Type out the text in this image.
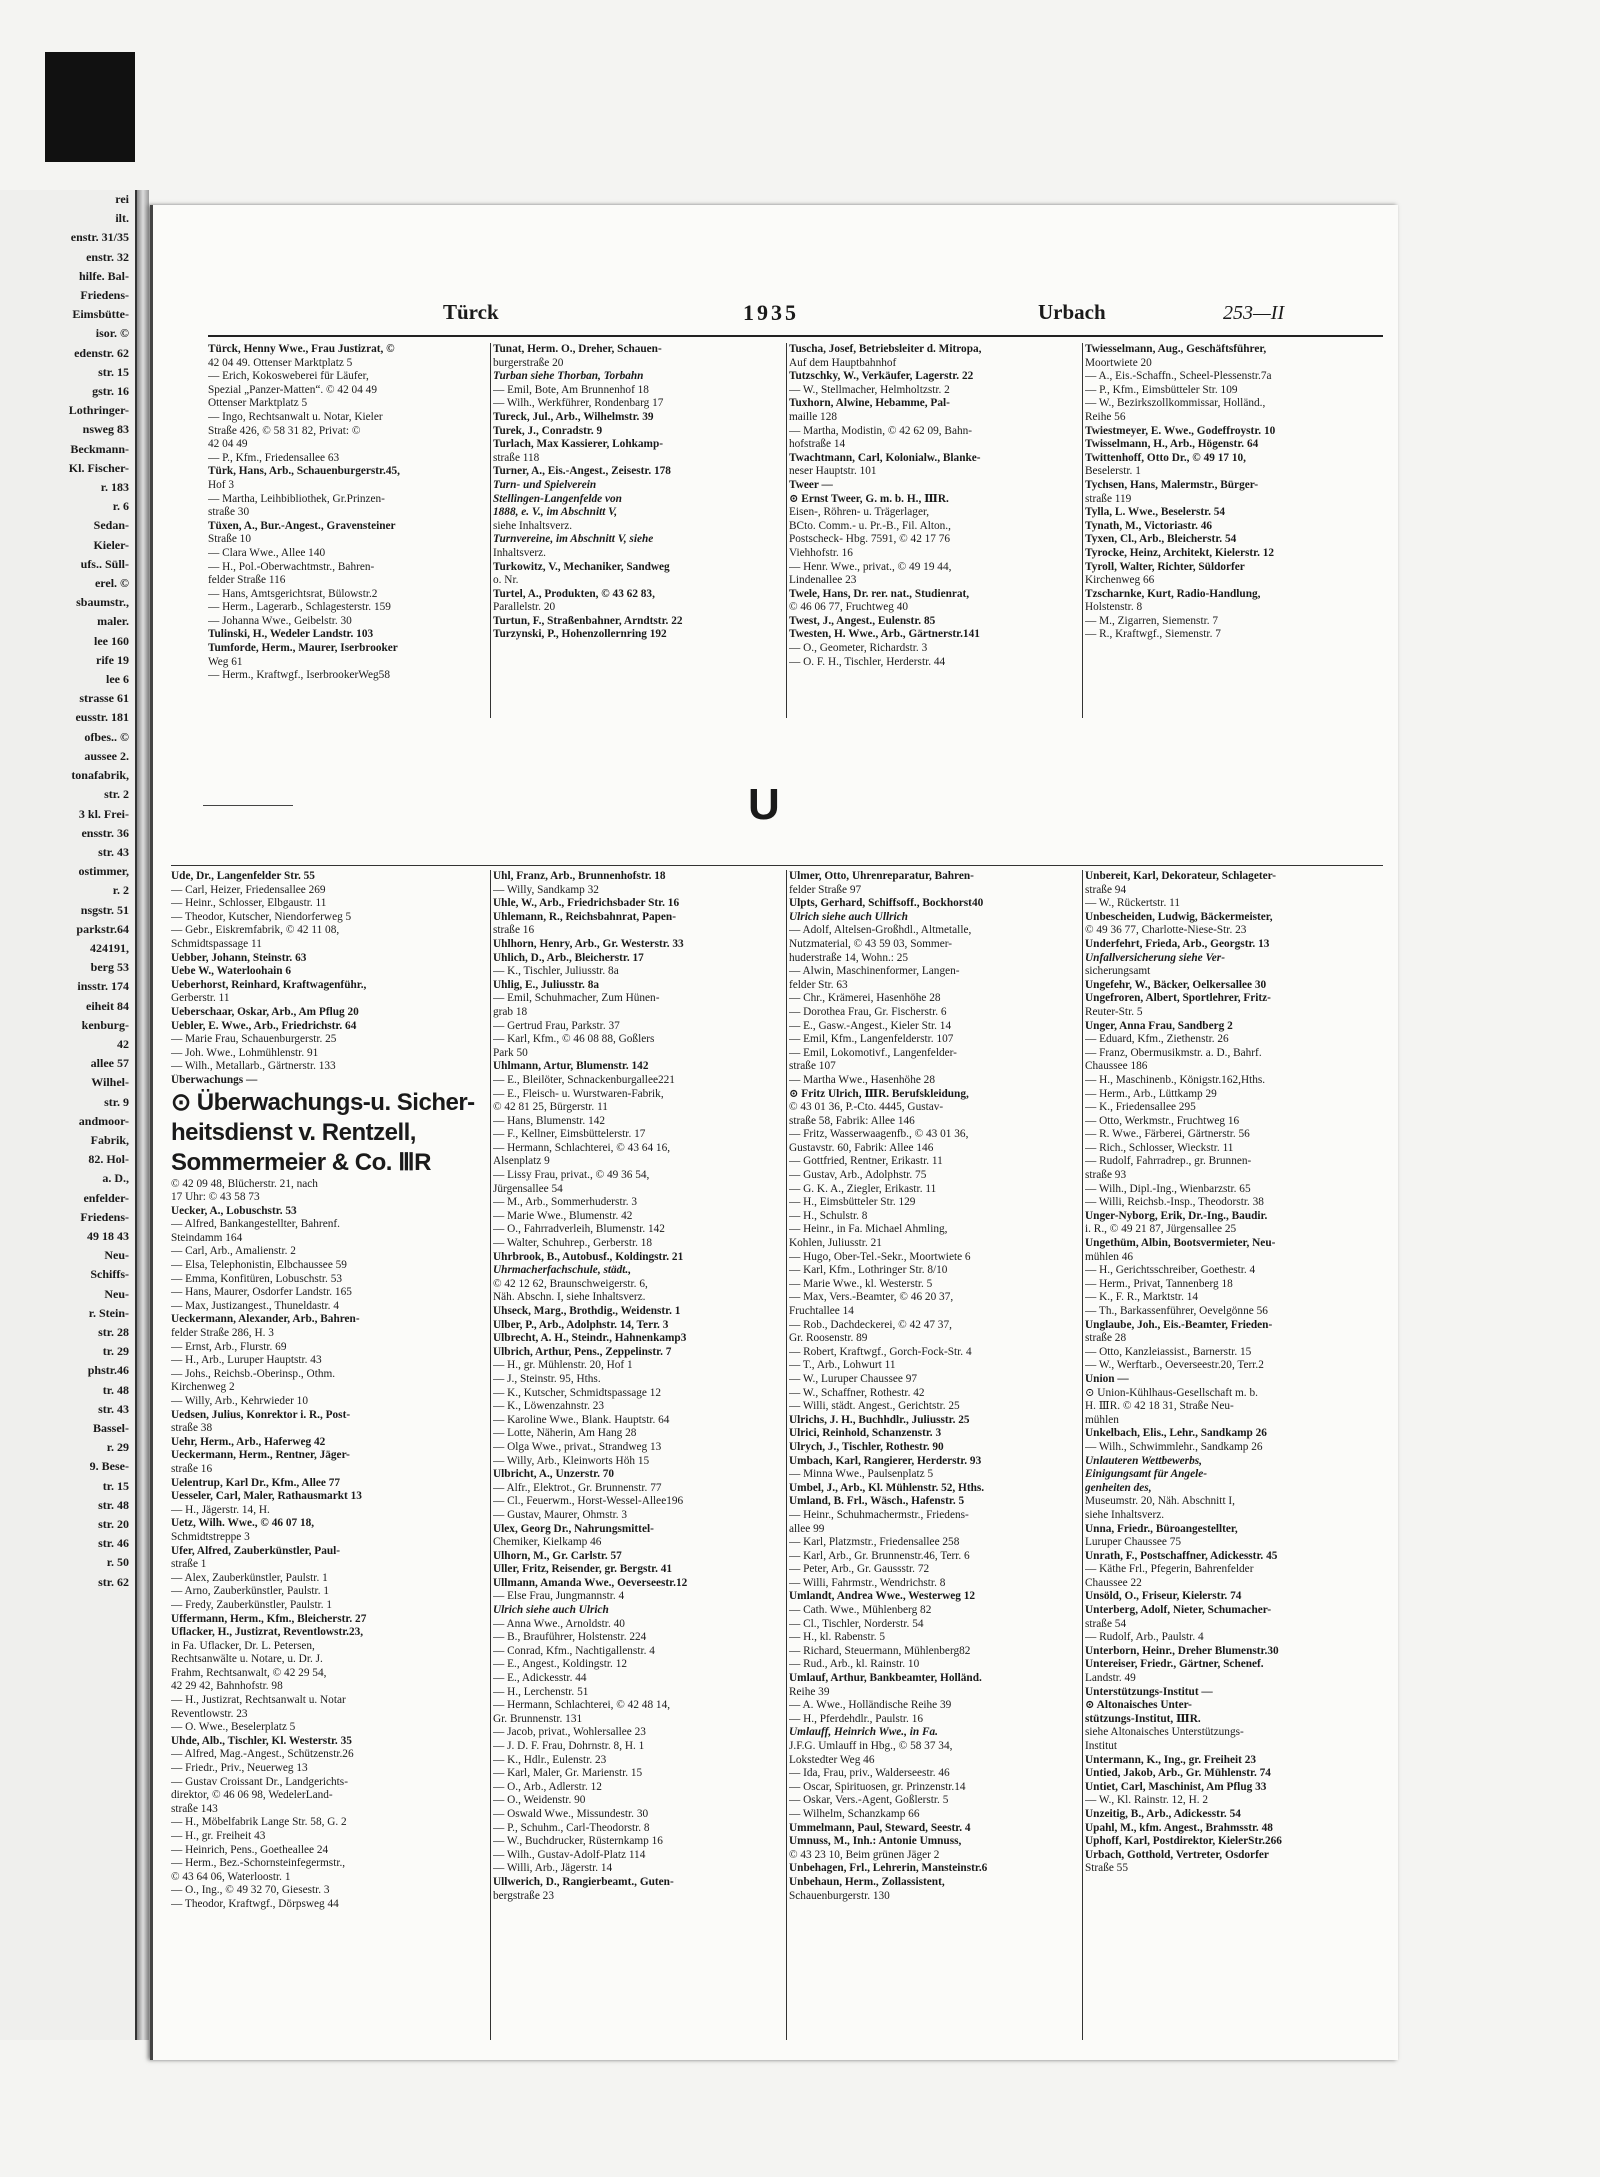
rei
ilt.
enstr. 31/35
enstr. 32
hilfe. Bal-
Friedens-
Eimsbütte-
isor. ©
edenstr. 62
str. 15
gstr. 16
Lothringer-
nsweg 83
Beckmann-
Kl. Fischer-
r. 183
r. 6
Sedan-
Kieler-
ufs.. Süll-
erel. ©
sbaumstr.,
maler.
lee 160
rife 19
lee 6
strasse 61
eusstr. 181
ofbes.. ©
aussee 2.
tonafabrik,
str. 2
3 kl. Frei-
ensstr. 36
str. 43
ostimmer,
r. 2
nsgstr. 51
parkstr.64
424191,
berg 53
insstr. 174
eiheit 84
kenburg-
42
allee 57
Wilhel-
str. 9
andmoor-
Fabrik,
82. Hol-
a. D.,
enfelder-
Friedens-
49 18 43
Neu-
Schiffs-
Neu-
r. Stein-
str. 28
tr. 29
phstr.46
tr. 48
str. 43
Bassel-
r. 29
9. Bese-
tr. 15
str. 48
str. 20
str. 46
r. 50
str. 62
Türck	1935	Urbach	253—II
Türck, Henny Wwe., Frau Justizrat, ©
42 04 49. Ottenser Marktplatz 5
— Erich, Kokosweberei für Läufer,
Spezial „Panzer-Matten“. © 42 04 49
Ottenser Marktplatz 5
— Ingo, Rechtsanwalt u. Notar, Kieler
Straße 426, © 58 31 82, Privat: ©
42 04 49
— P., Kfm., Friedensallee 63
Türk, Hans, Arb., Schauenburgerstr.45,
Hof 3
— Martha, Leihbibliothek, Gr.Prinzen-
straße 30
Tüxen, A., Bur.-Angest., Gravensteiner
Straße 10
— Clara Wwe., Allee 140
— H., Pol.-Oberwachtmstr., Bahren-
felder Straße 116
— Hans, Amtsgerichtsrat, Bülowstr.2
— Herm., Lagerarb., Schlagesterstr. 159
— Johanna Wwe., Geibelstr. 30
Tulinski, H., Wedeler Landstr. 103
Tumforde, Herm., Maurer, Iserbrooker
Weg 61
— Herm., Kraftwgf., IserbrookerWeg58
Tunat, Herm. O., Dreher, Schauen-
burgerstraße 20
Turban siehe Thorban, Torbahn
— Emil, Bote, Am Brunnenhof 18
— Wilh., Werkführer, Rondenbarg 17
Tureck, Jul., Arb., Wilhelmstr. 39
Turek, J., Conradstr. 9
Turlach, Max Kassierer, Lohkamp-
straße 118
Turner, A., Eis.-Angest., Zeisestr. 178
Turn- und Spielverein
Stellingen-Langenfelde von
1888, e. V., im Abschnitt V,
siehe Inhaltsverz.
Turnvereine, im Abschnitt V, siehe
Inhaltsverz.
Turkowitz, V., Mechaniker, Sandweg
o. Nr.
Turtel, A., Produkten, © 43 62 83,
Parallelstr. 20
Turtun, F., Straßenbahner, Arndtstr. 22
Turzynski, P., Hohenzollernring 192
Tuscha, Josef, Betriebsleiter d. Mitropa,
Auf dem Hauptbahnhof
Tutzschky, W., Verkäufer, Lagerstr. 22
— W., Stellmacher, Helmholtzstr. 2
Tuxhorn, Alwine, Hebamme, Pal-
maille 128
— Martha, Modistin, © 42 62 09, Bahn-
hofstraße 14
Twachtmann, Carl, Kolonialw., Blanke-
neser Hauptstr. 101
Tweer —
⊙ Ernst Tweer, G. m. b. H., ⅢR.
Eisen-, Röhren- u. Trägerlager,
BCto. Comm.- u. Pr.-B., Fil. Alton.,
Postscheck- Hbg. 7591, © 42 17 76
Viehhofstr. 16
— Henr. Wwe., privat., © 49 19 44,
Lindenallee 23
Twele, Hans, Dr. rer. nat., Studienrat,
© 46 06 77, Fruchtweg 40
Twest, J., Angest., Eulenstr. 85
Twesten, H. Wwe., Arb., Gärtnerstr.141
— O., Geometer, Richardstr. 3
— O. F. H., Tischler, Herderstr. 44
Twiesselmann, Aug., Geschäftsführer,
Moortwiete 20
— A., Eis.-Schaffn., Scheel-Plessenstr.7a
— P., Kfm., Eimsbütteler Str. 109
— W., Bezirkszollkommissar, Holländ.,
Reihe 56
Twiestmeyer, E. Wwe., Godeffroystr. 10
Twisselmann, H., Arb., Högenstr. 64
Twittenhoff, Otto Dr., © 49 17 10,
Beselerstr. 1
Tychsen, Hans, Malermstr., Bürger-
straße 119
Tylla, L. Wwe., Beselerstr. 54
Tynath, M., Victoriastr. 46
Tyxen, Cl., Arb., Bleicherstr. 54
Tyrocke, Heinz, Architekt, Kielerstr. 12
Tyroll, Walter, Richter, Süldorfer
Kirchenweg 66
Tzscharnke, Kurt, Radio-Handlung,
Holstenstr. 8
— M., Zigarren, Siemenstr. 7
— R., Kraftwgf., Siemenstr. 7
U
Ude, Dr., Langenfelder Str. 55
— Carl, Heizer, Friedensallee 269
— Heinr., Schlosser, Elbgaustr. 11
— Theodor, Kutscher, Niendorferweg 5
— Gebr., Eiskremfabrik, © 42 11 08,
Schmidtspassage 11
Uebber, Johann, Steinstr. 63
Uebe W., Waterloohain 6
Ueberhorst, Reinhard, Kraftwagenführ.,
Gerberstr. 11
Ueberschaar, Oskar, Arb., Am Pflug 20
Uebler, E. Wwe., Arb., Friedrichstr. 64
— Marie Frau, Schauenburgerstr. 25
— Joh. Wwe., Lohmühlenstr. 91
— Wilh., Metallarb., Gärtnerstr. 133
Überwachungs —
⊙ Überwachungs-u. Sicher-
heitsdienst v. Rentzell,
Sommermeier & Co. ⅢR
© 42 09 48, Blücherstr. 21, nach
17 Uhr: © 43 58 73
Uecker, A., Lobuschstr. 53
— Alfred, Bankangestellter, Bahrenf.
Steindamm 164
— Carl, Arb., Amalienstr. 2
— Elsa, Telephonistin, Elbchaussee 59
— Emma, Konfitüren, Lobuschstr. 53
— Hans, Maurer, Osdorfer Landstr. 165
— Max, Justizangest., Thuneldastr. 4
Ueckermann, Alexander, Arb., Bahren-
felder Straße 286, H. 3
— Ernst, Arb., Flurstr. 69
— H., Arb., Luruper Hauptstr. 43
— Johs., Reichsb.-Oberinsp., Othm.
Kirchenweg 2
— Willy, Arb., Kehrwieder 10
Uedsen, Julius, Konrektor i. R., Post-
straße 38
Uehr, Herm., Arb., Haferweg 42
Ueckermann, Herm., Rentner, Jäger-
straße 16
Uelentrup, Karl Dr., Kfm., Allee 77
Uesseler, Carl, Maler, Rathausmarkt 13
— H., Jägerstr. 14, H.
Uetz, Wilh. Wwe., © 46 07 18,
Schmidtstreppe 3
Ufer, Alfred, Zauberkünstler, Paul-
straße 1
— Alex, Zauberkünstler, Paulstr. 1
— Arno, Zauberkünstler, Paulstr. 1
— Fredy, Zauberkünstler, Paulstr. 1
Uffermann, Herm., Kfm., Bleicherstr. 27
Uflacker, H., Justizrat, Reventlowstr.23,
in Fa. Uflacker, Dr. L. Petersen,
Rechtsanwälte u. Notare, u. Dr. J.
Frahm, Rechtsanwalt, © 42 29 54,
42 29 42, Bahnhofstr. 98
— H., Justizrat, Rechtsanwalt u. Notar
Reventlowstr. 23
— O. Wwe., Beselerplatz 5
Uhde, Alb., Tischler, Kl. Westerstr. 35
— Alfred, Mag.-Angest., Schützenstr.26
— Friedr., Priv., Neuerweg 13
— Gustav Croissant Dr., Landgerichts-
direktor, © 46 06 98, WedelerLand-
straße 143
— H., Möbelfabrik Lange Str. 58, G. 2
— H., gr. Freiheit 43
— Heinrich, Pens., Goetheallee 24
— Herm., Bez.-Schornsteinfegermstr.,
© 43 64 06, Waterloostr. 1
— O., Ing., © 49 32 70, Giesestr. 3
— Theodor, Kraftwgf., Dörpsweg 44
Uhl, Franz, Arb., Brunnenhofstr. 18
— Willy, Sandkamp 32
Uhle, W., Arb., Friedrichsbader Str. 16
Uhlemann, R., Reichsbahnrat, Papen-
straße 16
Uhlhorn, Henry, Arb., Gr. Westerstr. 33
Uhlich, D., Arb., Bleicherstr. 17
— K., Tischler, Juliusstr. 8a
Uhlig, E., Juliusstr. 8a
— Emil, Schuhmacher, Zum Hünen-
grab 18
— Gertrud Frau, Parkstr. 37
— Karl, Kfm., © 46 08 88, Goßlers
Park 50
Uhlmann, Artur, Blumenstr. 142
— E., Bleilöter, Schnackenburgallee221
— E., Fleisch- u. Wurstwaren-Fabrik,
© 42 81 25, Bürgerstr. 11
— Hans, Blumenstr. 142
— F., Kellner, Eimsbüttelerstr. 17
— Hermann, Schlachterei, © 43 64 16,
Alsenplatz 9
— Lissy Frau, privat., © 49 36 54,
Jürgensallee 54
— M., Arb., Sommerhuderstr. 3
— Marie Wwe., Blumenstr. 42
— O., Fahrradverleih, Blumenstr. 142
— Walter, Schuhrep., Gerberstr. 18
Uhrbrook, B., Autobusf., Koldingstr. 21
Uhrmacherfachschule, städt.,
© 42 12 62, Braunschweigerstr. 6,
Näh. Abschn. I, siehe Inhaltsverz.
Uhseck, Marg., Brothdig., Weidenstr. 1
Ulber, P., Arb., Adolphstr. 14, Terr. 3
Ulbrecht, A. H., Steindr., Hahnenkamp3
Ulbrich, Arthur, Pens., Zeppelinstr. 7
— H., gr. Mühlenstr. 20, Hof 1
— J., Steinstr. 95, Hths.
— K., Kutscher, Schmidtspassage 12
— K., Löwenzahnstr. 23
— Karoline Wwe., Blank. Hauptstr. 64
— Lotte, Näherin, Am Hang 28
— Olga Wwe., privat., Strandweg 13
— Willy, Arb., Kleinworts Höh 15
Ulbricht, A., Unzerstr. 70
— Alfr., Elektrot., Gr. Brunnenstr. 77
— Cl., Feuerwm., Horst-Wessel-Allee196
— Gustav, Maurer, Ohmstr. 3
Ulex, Georg Dr., Nahrungsmittel-
Chemiker, Kielkamp 46
Ulhorn, M., Gr. Carlstr. 57
Uller, Fritz, Reisender, gr. Bergstr. 41
Ullmann, Amanda Wwe., Oeverseestr.12
— Else Frau, Jungmannstr. 4
Ulrich siehe auch Ulrich
— Anna Wwe., Arnoldstr. 40
— B., Brauführer, Holstenstr. 224
— Conrad, Kfm., Nachtigallenstr. 4
— E., Angest., Koldingstr. 12
— E., Adickesstr. 44
— H., Lerchenstr. 51
— Hermann, Schlachterei, © 42 48 14,
Gr. Brunnenstr. 131
— Jacob, privat., Wohlersallee 23
— J. D. F. Frau, Dohrnstr. 8, H. 1
— K., Hdlr., Eulenstr. 23
— Karl, Maler, Gr. Marienstr. 15
— O., Arb., Adlerstr. 12
— O., Weidenstr. 90
— Oswald Wwe., Missundestr. 30
— P., Schuhm., Carl-Theodorstr. 8
— W., Buchdrucker, Rüsternkamp 16
— Wilh., Gustav-Adolf-Platz 114
— Willi, Arb., Jägerstr. 14
Ullwerich, D., Rangierbeamt., Guten-
bergstraße 23
Ulmer, Otto, Uhrenreparatur, Bahren-
felder Straße 97
Ulpts, Gerhard, Schiffsoff., Bockhorst40
Ulrich siehe auch Ullrich
— Adolf, Altelsen-Großhdl., Altmetalle,
Nutzmaterial, © 43 59 03, Sommer-
huderstraße 14, Wohn.: 25
— Alwin, Maschinenformer, Langen-
felder Str. 63
— Chr., Krämerei, Hasenhöhe 28
— Dorothea Frau, Gr. Fischerstr. 6
— E., Gasw.-Angest., Kieler Str. 14
— Emil, Kfm., Langenfelderstr. 107
— Emil, Lokomotivf., Langenfelder-
straße 107
— Martha Wwe., Hasenhöhe 28
⊙ Fritz Ulrich, ⅢR. Berufskleidung,
© 43 01 36, P.-Cto. 4445, Gustav-
straße 58, Fabrik: Allee 146
— Fritz, Wasserwaagenfb., © 43 01 36,
Gustavstr. 60, Fabrik: Allee 146
— Gottfried, Rentner, Erikastr. 11
— Gustav, Arb., Adolphstr. 75
— G. K. A., Ziegler, Erikastr. 11
— H., Eimsbütteler Str. 129
— H., Schulstr. 8
— Heinr., in Fa. Michael Ahmling,
Kohlen, Juliusstr. 21
— Hugo, Ober-Tel.-Sekr., Moortwiete 6
— Karl, Kfm., Lothringer Str. 8/10
— Marie Wwe., kl. Westerstr. 5
— Max, Vers.-Beamter, © 46 20 37,
Fruchtallee 14
— Rob., Dachdeckerei, © 42 47 37,
Gr. Roosenstr. 89
— Robert, Kraftwgf., Gorch-Fock-Str. 4
— T., Arb., Lohwurt 11
— W., Luruper Chaussee 97
— W., Schaffner, Rothestr. 42
— Willi, städt. Angest., Gerichtstr. 25
Ulrichs, J. H., Buchhdlr., Juliusstr. 25
Ulrici, Reinhold, Schanzenstr. 3
Ulrych, J., Tischler, Rothestr. 90
Umbach, Karl, Rangierer, Herderstr. 93
— Minna Wwe., Paulsenplatz 5
Umbel, J., Arb., Kl. Mühlenstr. 52, Hths.
Umland, B. Frl., Wäsch., Hafenstr. 5
— Heinr., Schuhmachermstr., Friedens-
allee 99
— Karl, Platzmstr., Friedensallee 258
— Karl, Arb., Gr. Brunnenstr.46, Terr. 6
— Peter, Arb., Gr. Gaussstr. 72
— Willi, Fahrmstr., Wendrichstr. 8
Umlandt, Andrea Wwe., Westerweg 12
— Cath. Wwe., Mühlenberg 82
— Cl., Tischler, Norderstr. 54
— H., kl. Rabenstr. 5
— Richard, Steuermann, Mühlenberg82
— Rud., Arb., kl. Rainstr. 10
Umlauf, Arthur, Bankbeamter, Holländ.
Reihe 39
— A. Wwe., Holländische Reihe 39
— H., Pferdehdlr., Paulstr. 16
Umlauff, Heinrich Wwe., in Fa.
J.F.G. Umlauff in Hbg., © 58 37 34,
Lokstedter Weg 46
— Ida, Frau, priv., Walderseestr. 46
— Oscar, Spirituosen, gr. Prinzenstr.14
— Oskar, Vers.-Agent, Goßlerstr. 5
— Wilhelm, Schanzkamp 66
Ummelmann, Paul, Steward, Seestr. 4
Umnuss, M., Inh.: Antonie Umnuss,
© 43 23 10, Beim grünen Jäger 2
Unbehagen, Frl., Lehrerin, Mansteinstr.6
Unbehaun, Herm., Zollassistent,
Schauenburgerstr. 130
Unbereit, Karl, Dekorateur, Schlageter-
straße 94
— W., Rückertstr. 11
Unbescheiden, Ludwig, Bäckermeister,
© 49 36 77, Charlotte-Niese-Str. 23
Underfehrt, Frieda, Arb., Georgstr. 13
Unfallversicherung siehe Ver-
sicherungsamt
Ungefehr, W., Bäcker, Oelkersallee 30
Ungefroren, Albert, Sportlehrer, Fritz-
Reuter-Str. 5
Unger, Anna Frau, Sandberg 2
— Eduard, Kfm., Ziethenstr. 26
— Franz, Obermusikmstr. a. D., Bahrf.
Chaussee 186
— H., Maschinenb., Königstr.162,Hths.
— Herm., Arb., Lüttkamp 29
— K., Friedensallee 295
— Otto, Werkmstr., Fruchtweg 16
— R. Wwe., Färberei, Gärtnerstr. 56
— Rich., Schlosser, Wieckstr. 11
— Rudolf, Fahrradrep., gr. Brunnen-
straße 93
— Wilh., Dipl.-Ing., Wienbarzstr. 65
— Willi, Reichsb.-Insp., Theodorstr. 38
Unger-Nyborg, Erik, Dr.-Ing., Baudir.
i. R., © 49 21 87, Jürgensallee 25
Ungethüm, Albin, Bootsvermieter, Neu-
mühlen 46
— H., Gerichtsschreiber, Goethestr. 4
— Herm., Privat, Tannenberg 18
— K., F. R., Marktstr. 14
— Th., Barkassenführer, Oevelgönne 56
Unglaube, Joh., Eis.-Beamter, Frieden-
straße 28
— Otto, Kanzleiassist., Barnerstr. 15
— W., Werftarb., Oeverseestr.20, Terr.2
Union —
⊙ Union-Kühlhaus-Gesellschaft m. b.
H. ⅢR. © 42 18 31, Straße Neu-
mühlen
Unkelbach, Elis., Lehr., Sandkamp 26
— Wilh., Schwimmlehr., Sandkamp 26
Unlauteren Wettbewerbs,
Einigungsamt für Angele-
genheiten des,
Museumstr. 20, Näh. Abschnitt I,
siehe Inhaltsverz.
Unna, Friedr., Büroangestellter,
Luruper Chaussee 75
Unrath, F., Postschaffner, Adickesstr. 45
— Käthe Frl., Pfegerin, Bahrenfelder
Chaussee 22
Unsöld, O., Friseur, Kielerstr. 74
Unterberg, Adolf, Nieter, Schumacher-
straße 54
— Rudolf, Arb., Paulstr. 4
Unterborn, Heinr., Dreher Blumenstr.30
Untereiser, Friedr., Gärtner, Schenef.
Landstr. 49
Unterstützungs-Institut —
⊙ Altonaisches Unter-
stützungs-Institut, ⅢR.
siehe Altonaisches Unterstützungs-
Institut
Untermann, K., Ing., gr. Freiheit 23
Untied, Jakob, Arb., Gr. Mühlenstr. 74
Untiet, Carl, Maschinist, Am Pflug 33
— W., Kl. Rainstr. 12, H. 2
Unzeitig, B., Arb., Adickesstr. 54
Upahl, M., kfm. Angest., Brahmsstr. 48
Uphoff, Karl, Postdirektor, KielerStr.266
Urbach, Gotthold, Vertreter, Osdorfer
Straße 55
